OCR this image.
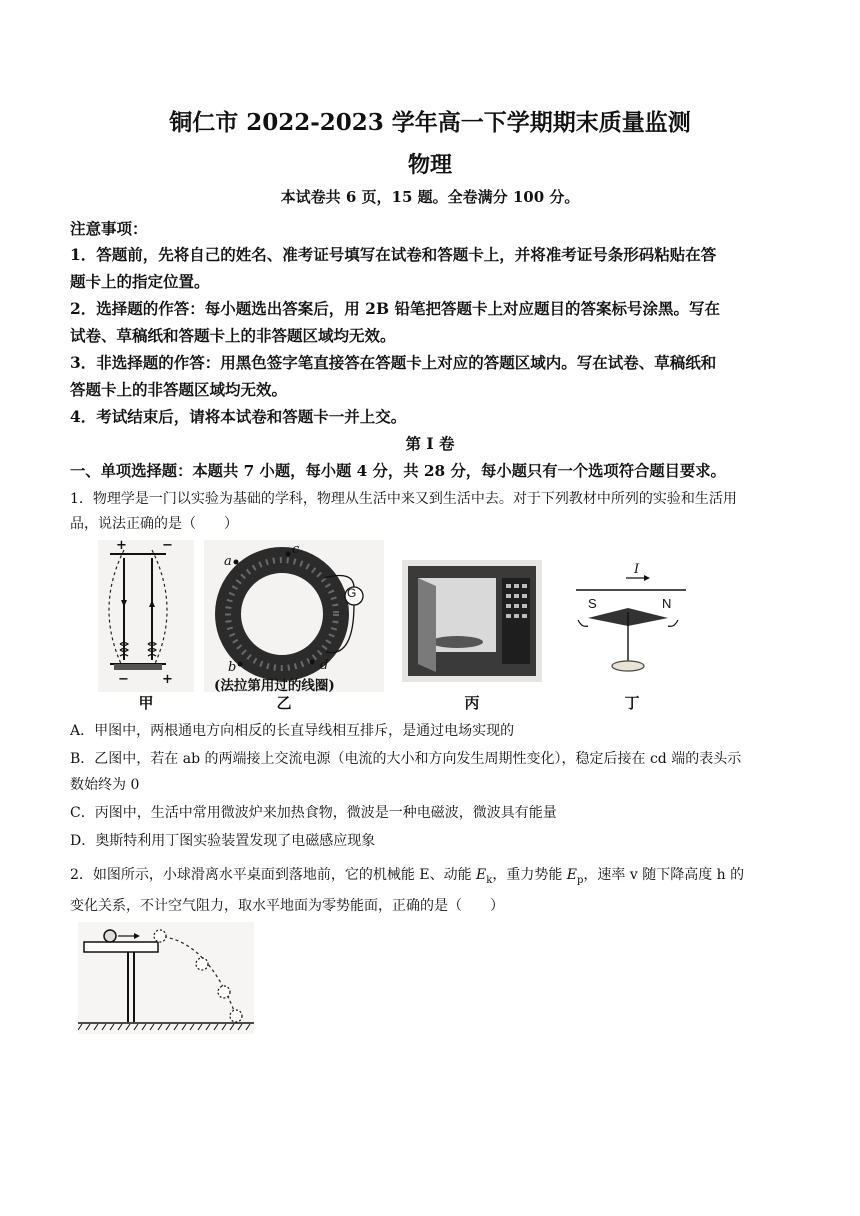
铜仁市 2022-2023 学年高一下学期期末质量监测
物理
本试卷共 6 页，15 题。全卷满分 100 分。
注意事项：
1．答题前，先将自己的姓名、准考证号填写在试卷和答题卡上，并将准考证号条形码粘贴在答
题卡上的指定位置。
2．选择题的作答：每小题选出答案后，用 2B 铅笔把答题卡上对应题目的答案标号涂黑。写在
试卷、草稿纸和答题卡上的非答题区域均无效。
3．非选择题的作答：用黑色签字笔直接答在答题卡上对应的答题区域内。写在试卷、草稿纸和
答题卡上的非答题区域均无效。
4．考试结束后，请将本试卷和答题卡一并上交。
第 I 卷
一、单项选择题：本题共 7 小题，每小题 4 分，共 28 分，每小题只有一个选项符合题目要求。
1．物理学是一门以实验为基础的学科，物理从生活中来又到生活中去。对于下列教材中所列的实验和生活用
品，说法正确的是（　　）
+	−
−	+
甲
G
a
c
b	d
(法拉第用过的线圈)
乙	丙
I
S	N
丁
A．甲图中，两根通电方向相反的长直导线相互排斥，是通过电场实现的
B．乙图中，若在 ab 的两端接上交流电源（电流的大小和方向发生周期性变化），稳定后接在 cd 端的表头示
数始终为 0
C．丙图中，生活中常用微波炉来加热食物，微波是一种电磁波，微波具有能量
D．奥斯特利用丁图实验装置发现了电磁感应现象
2．如图所示，小球滑离水平桌面到落地前，它的机械能 E、动能 $E_k$，重力势能 $E_p$，速率 v 随下降高度 h 的
变化关系，不计空气阻力，取水平地面为零势能面，正确的是（　　）
